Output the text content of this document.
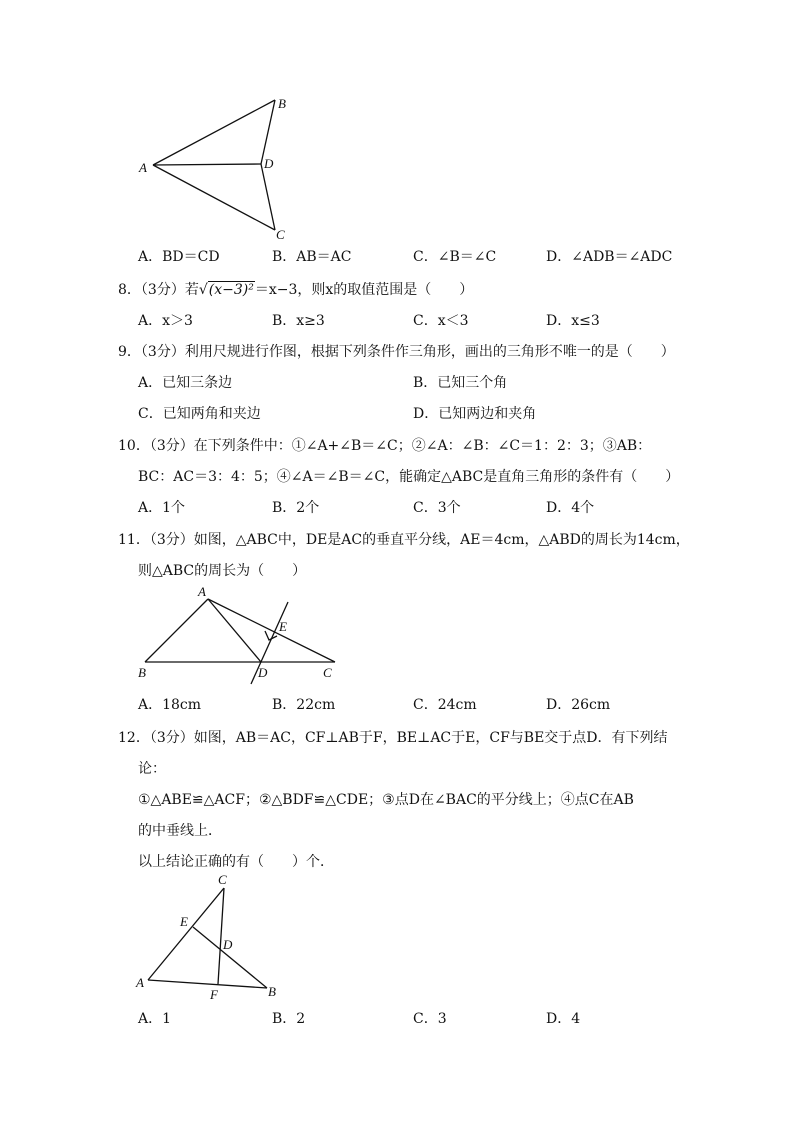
A
B
D
C
A．BD＝CD	B．AB＝AC	C．∠B＝∠C	D．∠ADB＝∠ADC
8．（3分）若√(x−3)²＝x−3，则x的取值范围是（　　）
A．x＞3	B．x≥3	C．x＜3	D．x≤3
9．（3分）利用尺规进行作图，根据下列条件作三角形，画出的三角形不唯一的是（　　）
A．已知三条边	B．已知三个角
C．已知两角和夹边	D．已知两边和夹角
10．（3分）在下列条件中：①∠A+∠B＝∠C；②∠A：∠B：∠C＝1：2：3；③AB：
BC：AC＝3：4：5；④∠A＝∠B＝∠C，能确定△ABC是直角三角形的条件有（　　）
A．1个	B．2个	C．3个	D．4个
11．（3分）如图，△ABC中，DE是AC的垂直平分线，AE＝4cm，△ABD的周长为14cm，
则△ABC的周长为（　　）
A
B	D	C
E
A．18cm	B．22cm	C．24cm	D．26cm
12．（3分）如图，AB＝AC，CF⊥AB于F，BE⊥AC于E，CF与BE交于点D．有下列结
论：
①△ABE≌△ACF；②△BDF≌△CDE；③点D在∠BAC的平分线上；④点C在AB
的中垂线上．
以上结论正确的有（　　）个．
C
E
D
A
F	B
A．1	B．2	C．3	D．4
